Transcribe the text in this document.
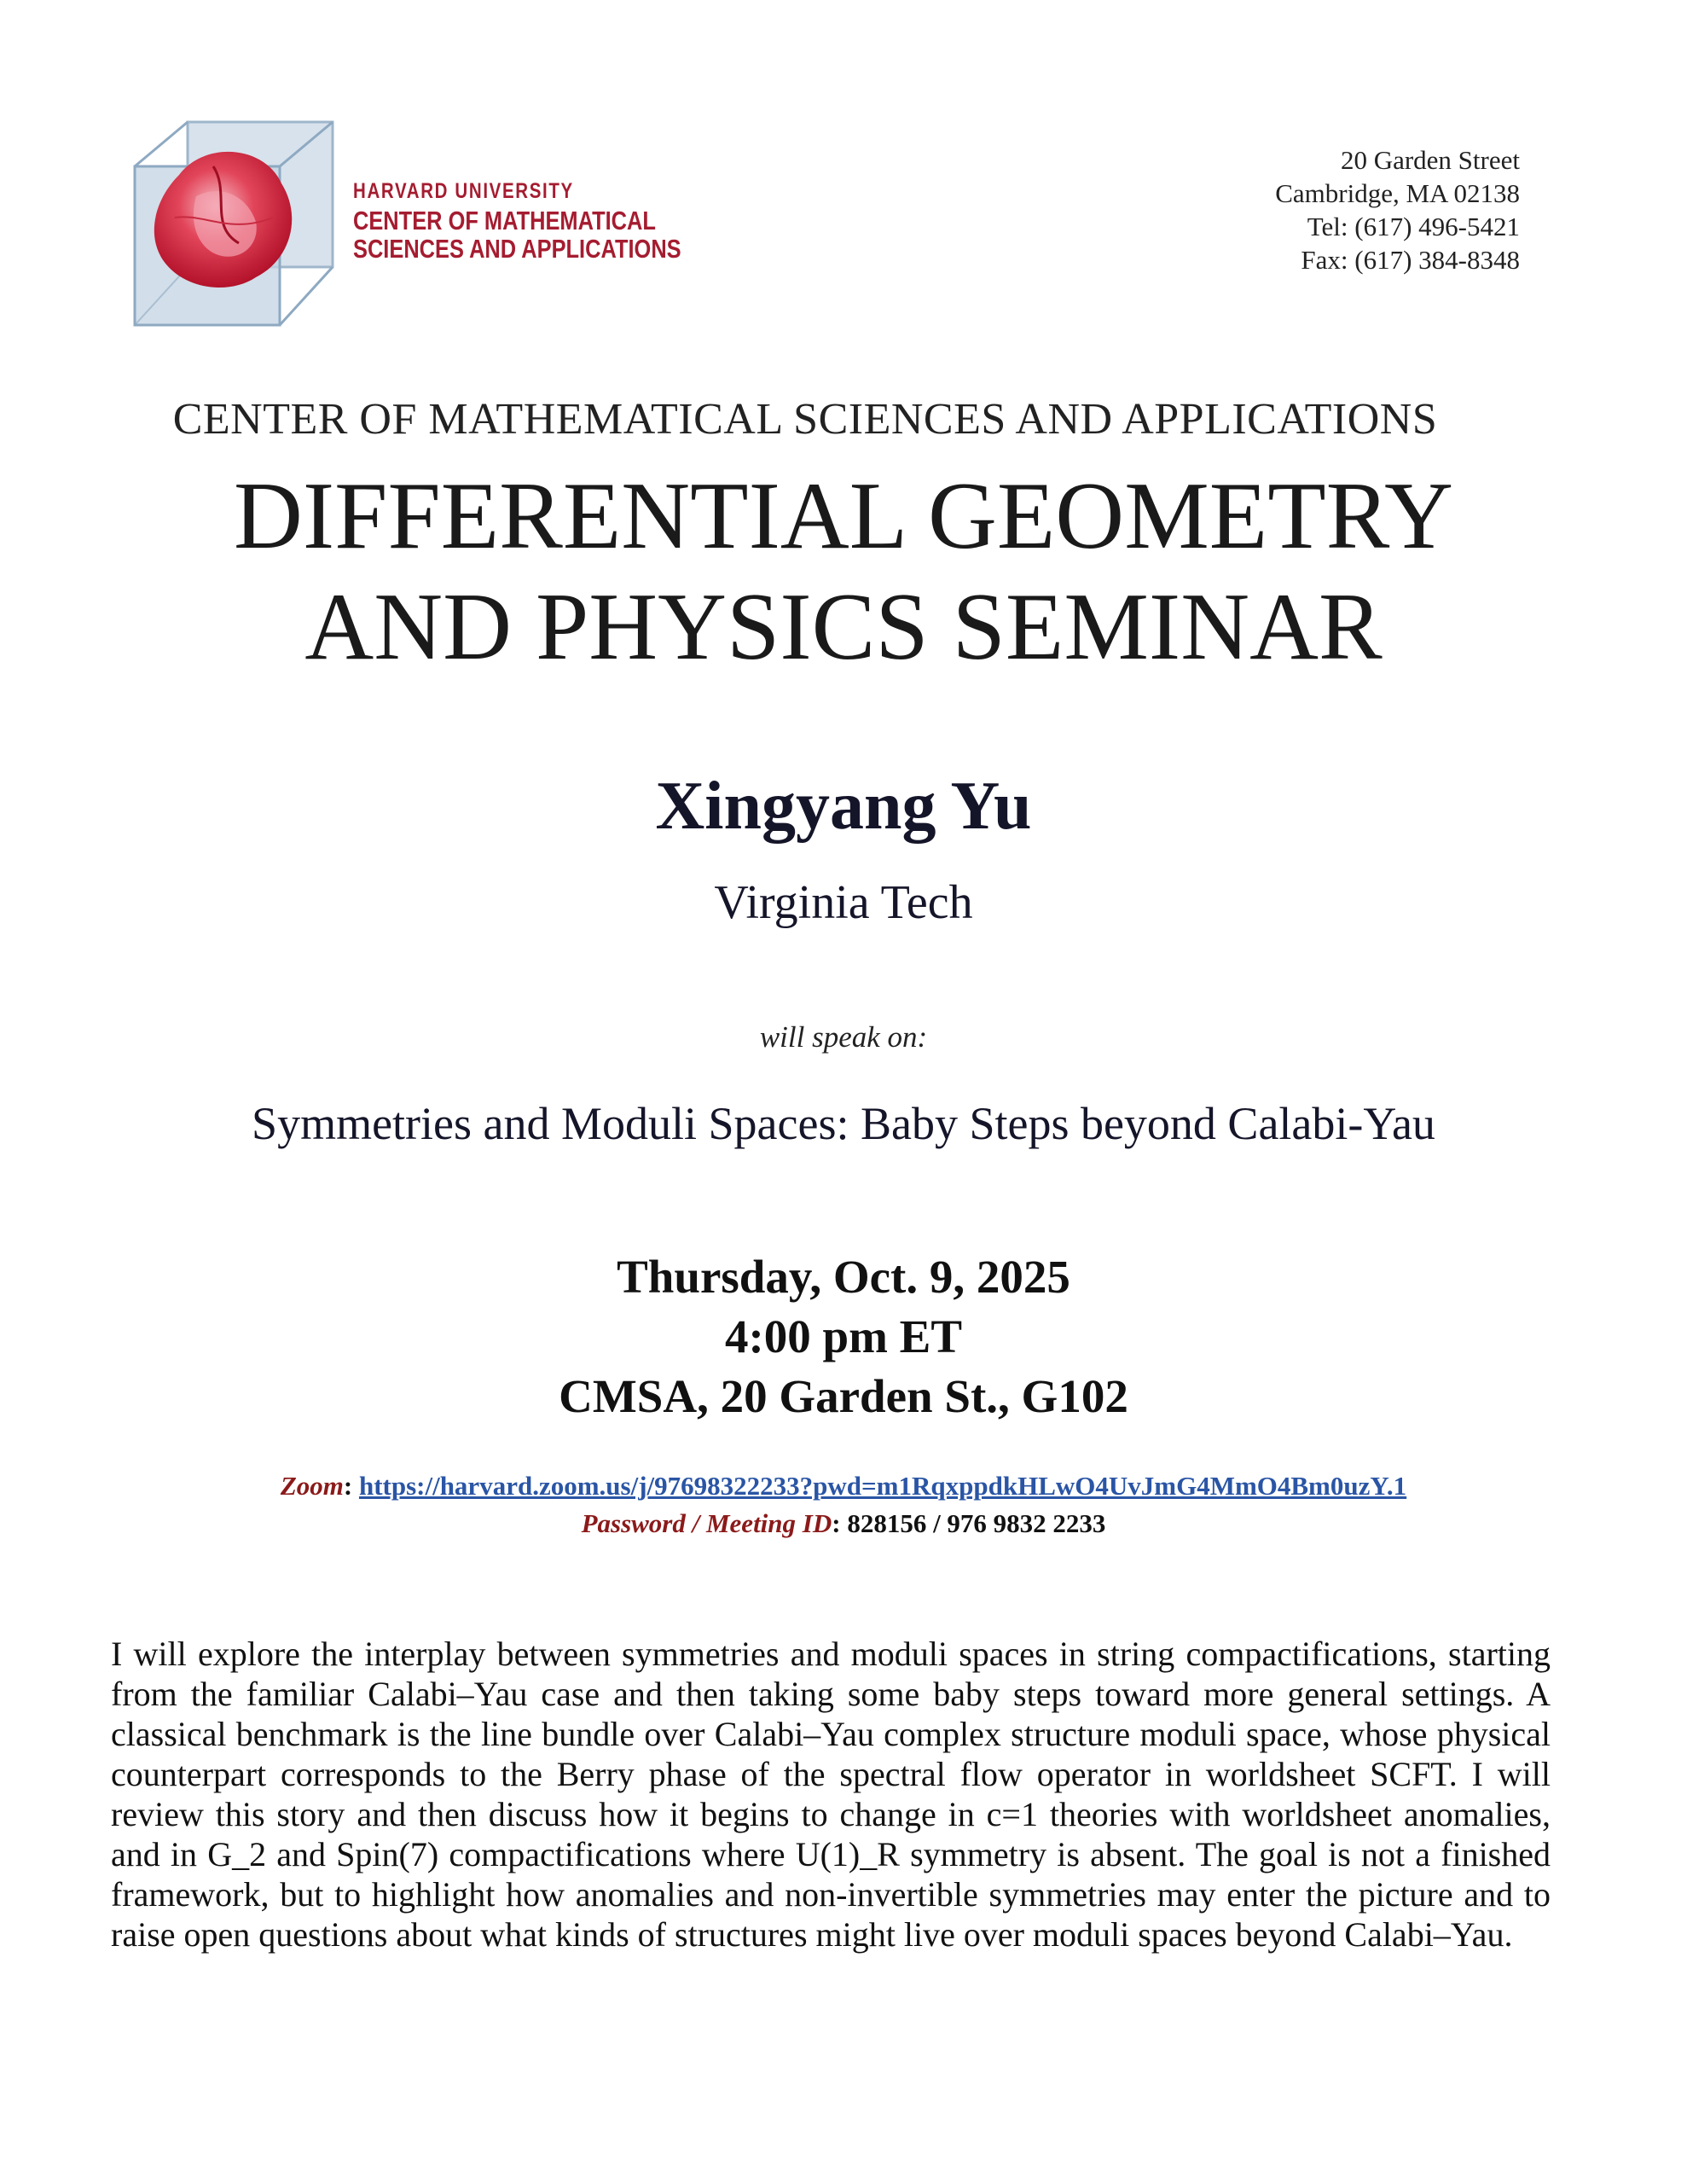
HARVARD UNIVERSITY
CENTER OF MATHEMATICAL
SCIENCES AND APPLICATIONS
20 Garden Street
Cambridge, MA 02138
Tel: (617) 496-5421
Fax: (617) 384-8348
CENTER OF MATHEMATICAL SCIENCES AND APPLICATIONS
DIFFERENTIAL GEOMETRY
AND PHYSICS SEMINAR
Xingyang Yu
Virginia Tech
will speak on:
Symmetries and Moduli Spaces: Baby Steps beyond Calabi-Yau
Thursday, Oct. 9, 2025
4:00 pm ET
CMSA, 20 Garden St., G102
Zoom: https://harvard.zoom.us/j/97698322233?pwd=m1RqxppdkHLwO4UvJmG4MmO4Bm0uzY.1
Password / Meeting ID: 828156 / 976 9832 2233
I will explore the interplay between symmetries and moduli spaces in string compactifications, starting from the familiar Calabi–Yau case and then taking some baby steps toward more general settings. A classical benchmark is the line bundle over Calabi–Yau complex structure moduli space, whose physical counterpart corresponds to the Berry phase of the spectral flow operator in worldsheet SCFT. I will review this story and then discuss how it begins to change in c=1 theories with worldsheet anomalies, and in G_2 and Spin(7) compactifications where U(1)_R symmetry is absent. The goal is not a finished framework, but to highlight how anomalies and non-invertible symmetries may enter the picture and to raise open questions about what kinds of structures might live over moduli spaces beyond Calabi–Yau.
